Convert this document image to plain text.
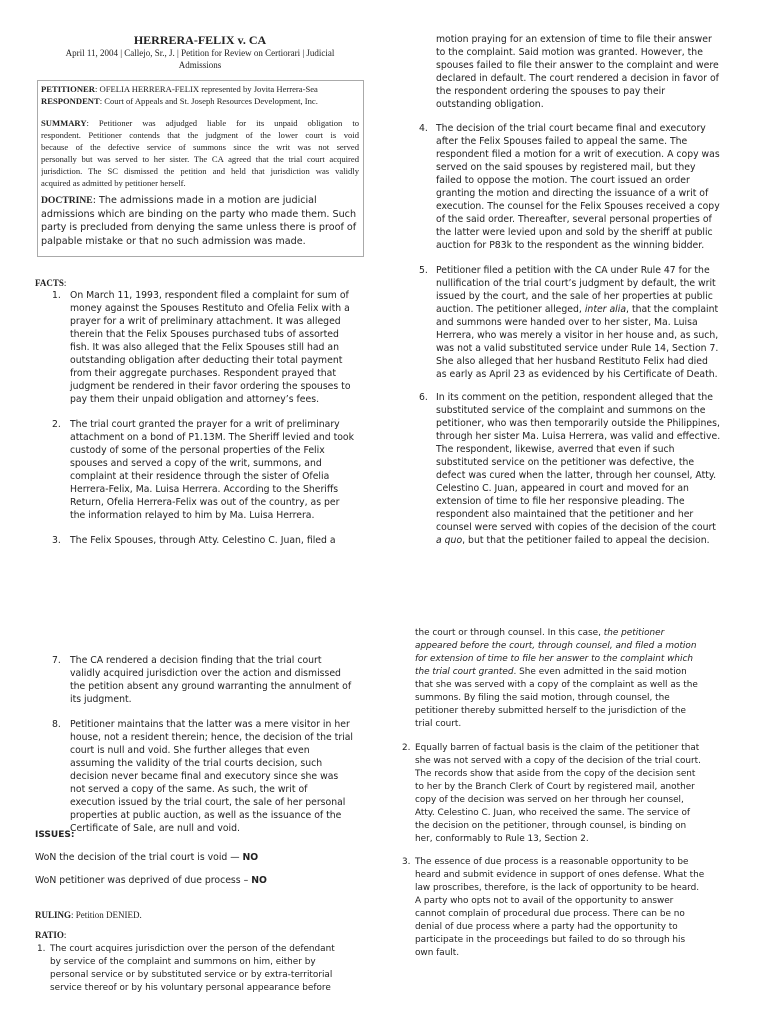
HERRERA-FELIX v. CA
April 11, 2004 | Callejo, Sr., J. | Petition for Review on Certiorari | Judicial
Admissions
PETITIONER: OFELIA HERRERA-FELIX represented by Jovita Herrera-Sea
RESPONDENT: Court of Appeals and St. Joseph Resources Development, Inc.
SUMMARY: Petitioner was adjudged liable for its unpaid obligation to
respondent. Petitioner contends that the judgment of the lower court is void
because of the defective service of summons since the writ was not served
personally but was served to her sister. The CA agreed that the trial court acquired
jurisdiction. The SC dismissed the petition and held that jurisdiction was validly
acquired as admitted by petitioner herself.
DOCTRINE: The admissions made in a motion are judicial
admissions which are binding on the party who made them. Such
party is precluded from denying the same unless there is proof of
palpable mistake or that no such admission was made.
FACTS:
1. On March 11, 1993, respondent filed a complaint for sum of
money against the Spouses Restituto and Ofelia Felix with a
prayer for a writ of preliminary attachment. It was alleged
therein that the Felix Spouses purchased tubs of assorted
fish. It was also alleged that the Felix Spouses still had an
outstanding obligation after deducting their total payment
from their aggregate purchases. Respondent prayed that
judgment be rendered in their favor ordering the spouses to
pay them their unpaid obligation and attorney’s fees.
2. The trial court granted the prayer for a writ of preliminary
attachment on a bond of P1.13M. The Sheriff levied and took
custody of some of the personal properties of the Felix
spouses and served a copy of the writ, summons, and
complaint at their residence through the sister of Ofelia
Herrera-Felix, Ma. Luisa Herrera. According to the Sheriffs
Return, Ofelia Herrera-Felix was out of the country, as per
the information relayed to him by Ma. Luisa Herrera.
3. The Felix Spouses, through Atty. Celestino C. Juan, filed a
motion praying for an extension of time to file their answer
to the complaint. Said motion was granted. However, the
spouses failed to file their answer to the complaint and were
declared in default. The court rendered a decision in favor of
the respondent ordering the spouses to pay their
outstanding obligation.
4. The decision of the trial court became final and executory
after the Felix Spouses failed to appeal the same. The
respondent filed a motion for a writ of execution. A copy was
served on the said spouses by registered mail, but they
failed to oppose the motion. The court issued an order
granting the motion and directing the issuance of a writ of
execution. The counsel for the Felix Spouses received a copy
of the said order. Thereafter, several personal properties of
the latter were levied upon and sold by the sheriff at public
auction for P83k to the respondent as the winning bidder.
5. Petitioner filed a petition with the CA under Rule 47 for the
nullification of the trial court’s judgment by default, the writ
issued by the court, and the sale of her properties at public
auction. The petitioner alleged, inter alia, that the complaint
and summons were handed over to her sister, Ma. Luisa
Herrera, who was merely a visitor in her house and, as such,
was not a valid substituted service under Rule 14, Section 7.
She also alleged that her husband Restituto Felix had died
as early as April 23 as evidenced by his Certificate of Death.
6. In its comment on the petition, respondent alleged that the
substituted service of the complaint and summons on the
petitioner, who was then temporarily outside the Philippines,
through her sister Ma. Luisa Herrera, was valid and effective.
The respondent, likewise, averred that even if such
substituted service on the petitioner was defective, the
defect was cured when the latter, through her counsel, Atty.
Celestino C. Juan, appeared in court and moved for an
extension of time to file her responsive pleading. The
respondent also maintained that the petitioner and her
counsel were served with copies of the decision of the court
a quo, but that the petitioner failed to appeal the decision.
7. The CA rendered a decision finding that the trial court
validly acquired jurisdiction over the action and dismissed
the petition absent any ground warranting the annulment of
its judgment.
8. Petitioner maintains that the latter was a mere visitor in her
house, not a resident therein; hence, the decision of the trial
court is null and void. She further alleges that even
assuming the validity of the trial courts decision, such
decision never became final and executory since she was
not served a copy of the same. As such, the writ of
execution issued by the trial court, the sale of her personal
properties at public auction, as well as the issuance of the
Certificate of Sale, are null and void.
ISSUES:
WoN the decision of the trial court is void — NO
WoN petitioner was deprived of due process – NO
RULING: Petition DENIED.
RATIO:
1. The court acquires jurisdiction over the person of the defendant
by service of the complaint and summons on him, either by
personal service or by substituted service or by extra-territorial
service thereof or by his voluntary personal appearance before
the court or through counsel. In this case, the petitioner
appeared before the court, through counsel, and filed a motion
for extension of time to file her answer to the complaint which
the trial court granted. She even admitted in the said motion
that she was served with a copy of the complaint as well as the
summons. By filing the said motion, through counsel, the
petitioner thereby submitted herself to the jurisdiction of the
trial court.
2. Equally barren of factual basis is the claim of the petitioner that
she was not served with a copy of the decision of the trial court.
The records show that aside from the copy of the decision sent
to her by the Branch Clerk of Court by registered mail, another
copy of the decision was served on her through her counsel,
Atty. Celestino C. Juan, who received the same. The service of
the decision on the petitioner, through counsel, is binding on
her, conformably to Rule 13, Section 2.
3. The essence of due process is a reasonable opportunity to be
heard and submit evidence in support of ones defense. What the
law proscribes, therefore, is the lack of opportunity to be heard.
A party who opts not to avail of the opportunity to answer
cannot complain of procedural due process. There can be no
denial of due process where a party had the opportunity to
participate in the proceedings but failed to do so through his
own fault.
